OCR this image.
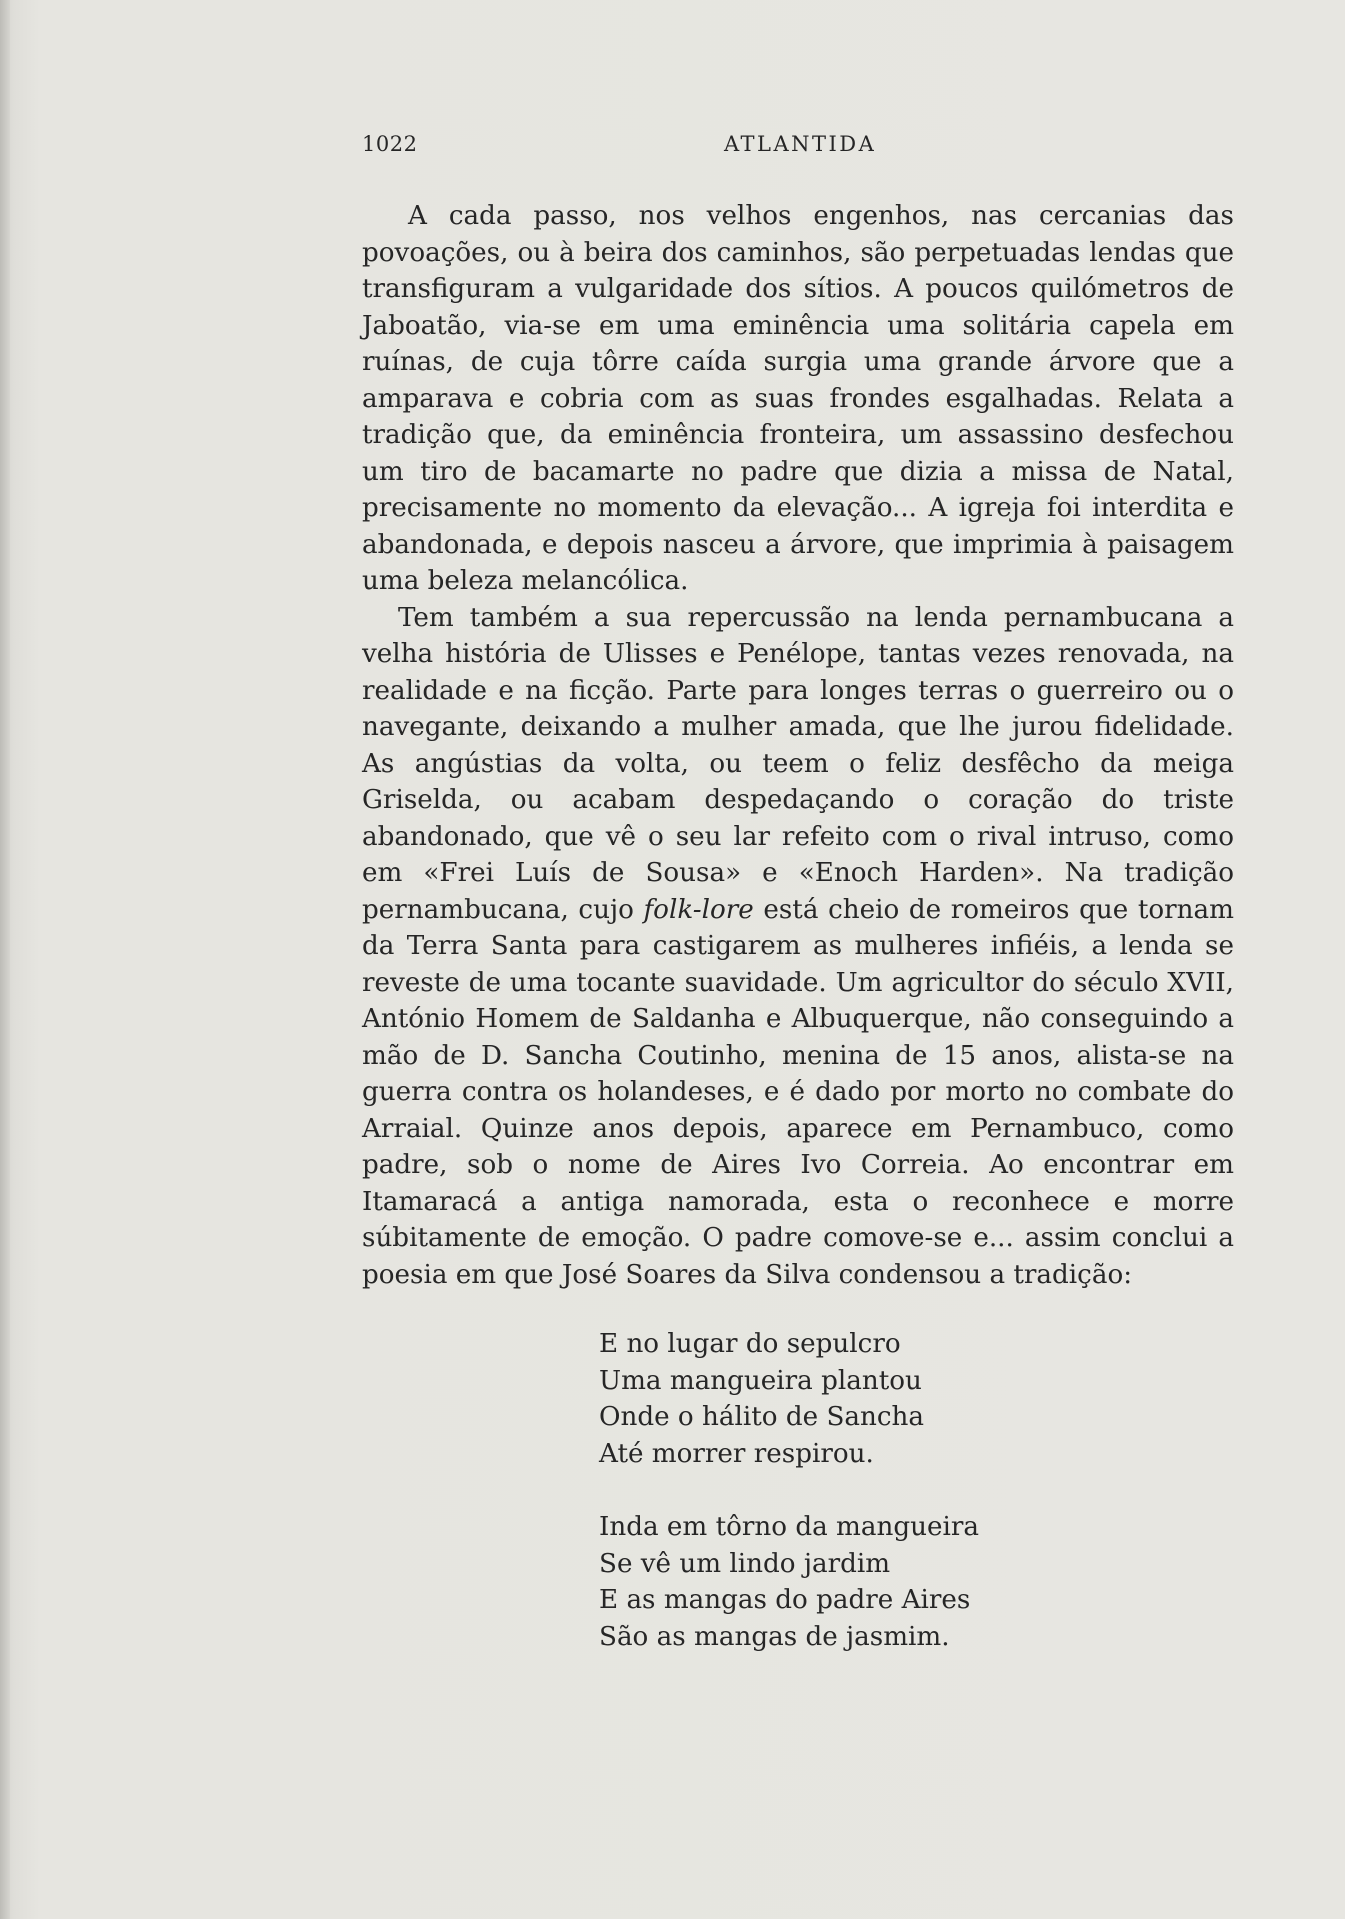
1022	ATLANTIDA

A cada passo, nos velhos engenhos, nas cercanias das povoações, ou à beira dos caminhos, são perpetuadas lendas que transfiguram a vulgaridade dos sítios. A poucos quilómetros de Jaboatão, via-se em uma eminência uma solitária capela em ruínas, de cuja tôrre caída surgia uma grande árvore que a amparava e cobria com as suas frondes esgalhadas. Relata a tradição que, da eminência fronteira, um assassino desfechou um tiro de bacamarte no padre que dizia a missa de Natal, precisamente no momento da elevação... A igreja foi interdita e abandonada, e depois nasceu a árvore, que imprimia à paisagem uma beleza melancólica.

Tem também a sua repercussão na lenda pernambucana a velha história de Ulisses e Penélope, tantas vezes renovada, na realidade e na ficção. Parte para longes terras o guerreiro ou o navegante, deixando a mulher amada, que lhe jurou fidelidade. As angústias da volta, ou teem o feliz desfêcho da meiga Griselda, ou acabam despedaçando o coração do triste abandonado, que vê o seu lar refeito com o rival intruso, como em «Frei Luís de Sousa» e «Enoch Harden». Na tradição pernambucana, cujo folk-lore está cheio de romeiros que tornam da Terra Santa para castigarem as mulheres infiéis, a lenda se reveste de uma tocante suavidade. Um agricultor do século XVII, António Homem de Saldanha e Albuquerque, não conseguindo a mão de D. Sancha Coutinho, menina de 15 anos, alista-se na guerra contra os holandeses, e é dado por morto no combate do Arraial. Quinze anos depois, aparece em Pernambuco, como padre, sob o nome de Aires Ivo Correia. Ao encontrar em Itamaracá a antiga namorada, esta o reconhece e morre súbitamente de emoção. O padre comove-se e... assim conclui a poesia em que José Soares da Silva condensou a tradição:

E no lugar do sepulcro
Uma mangueira plantou
Onde o hálito de Sancha
Até morrer respirou.
Inda em tôrno da mangueira
Se vê um lindo jardim
E as mangas do padre Aires
São as mangas de jasmim.
